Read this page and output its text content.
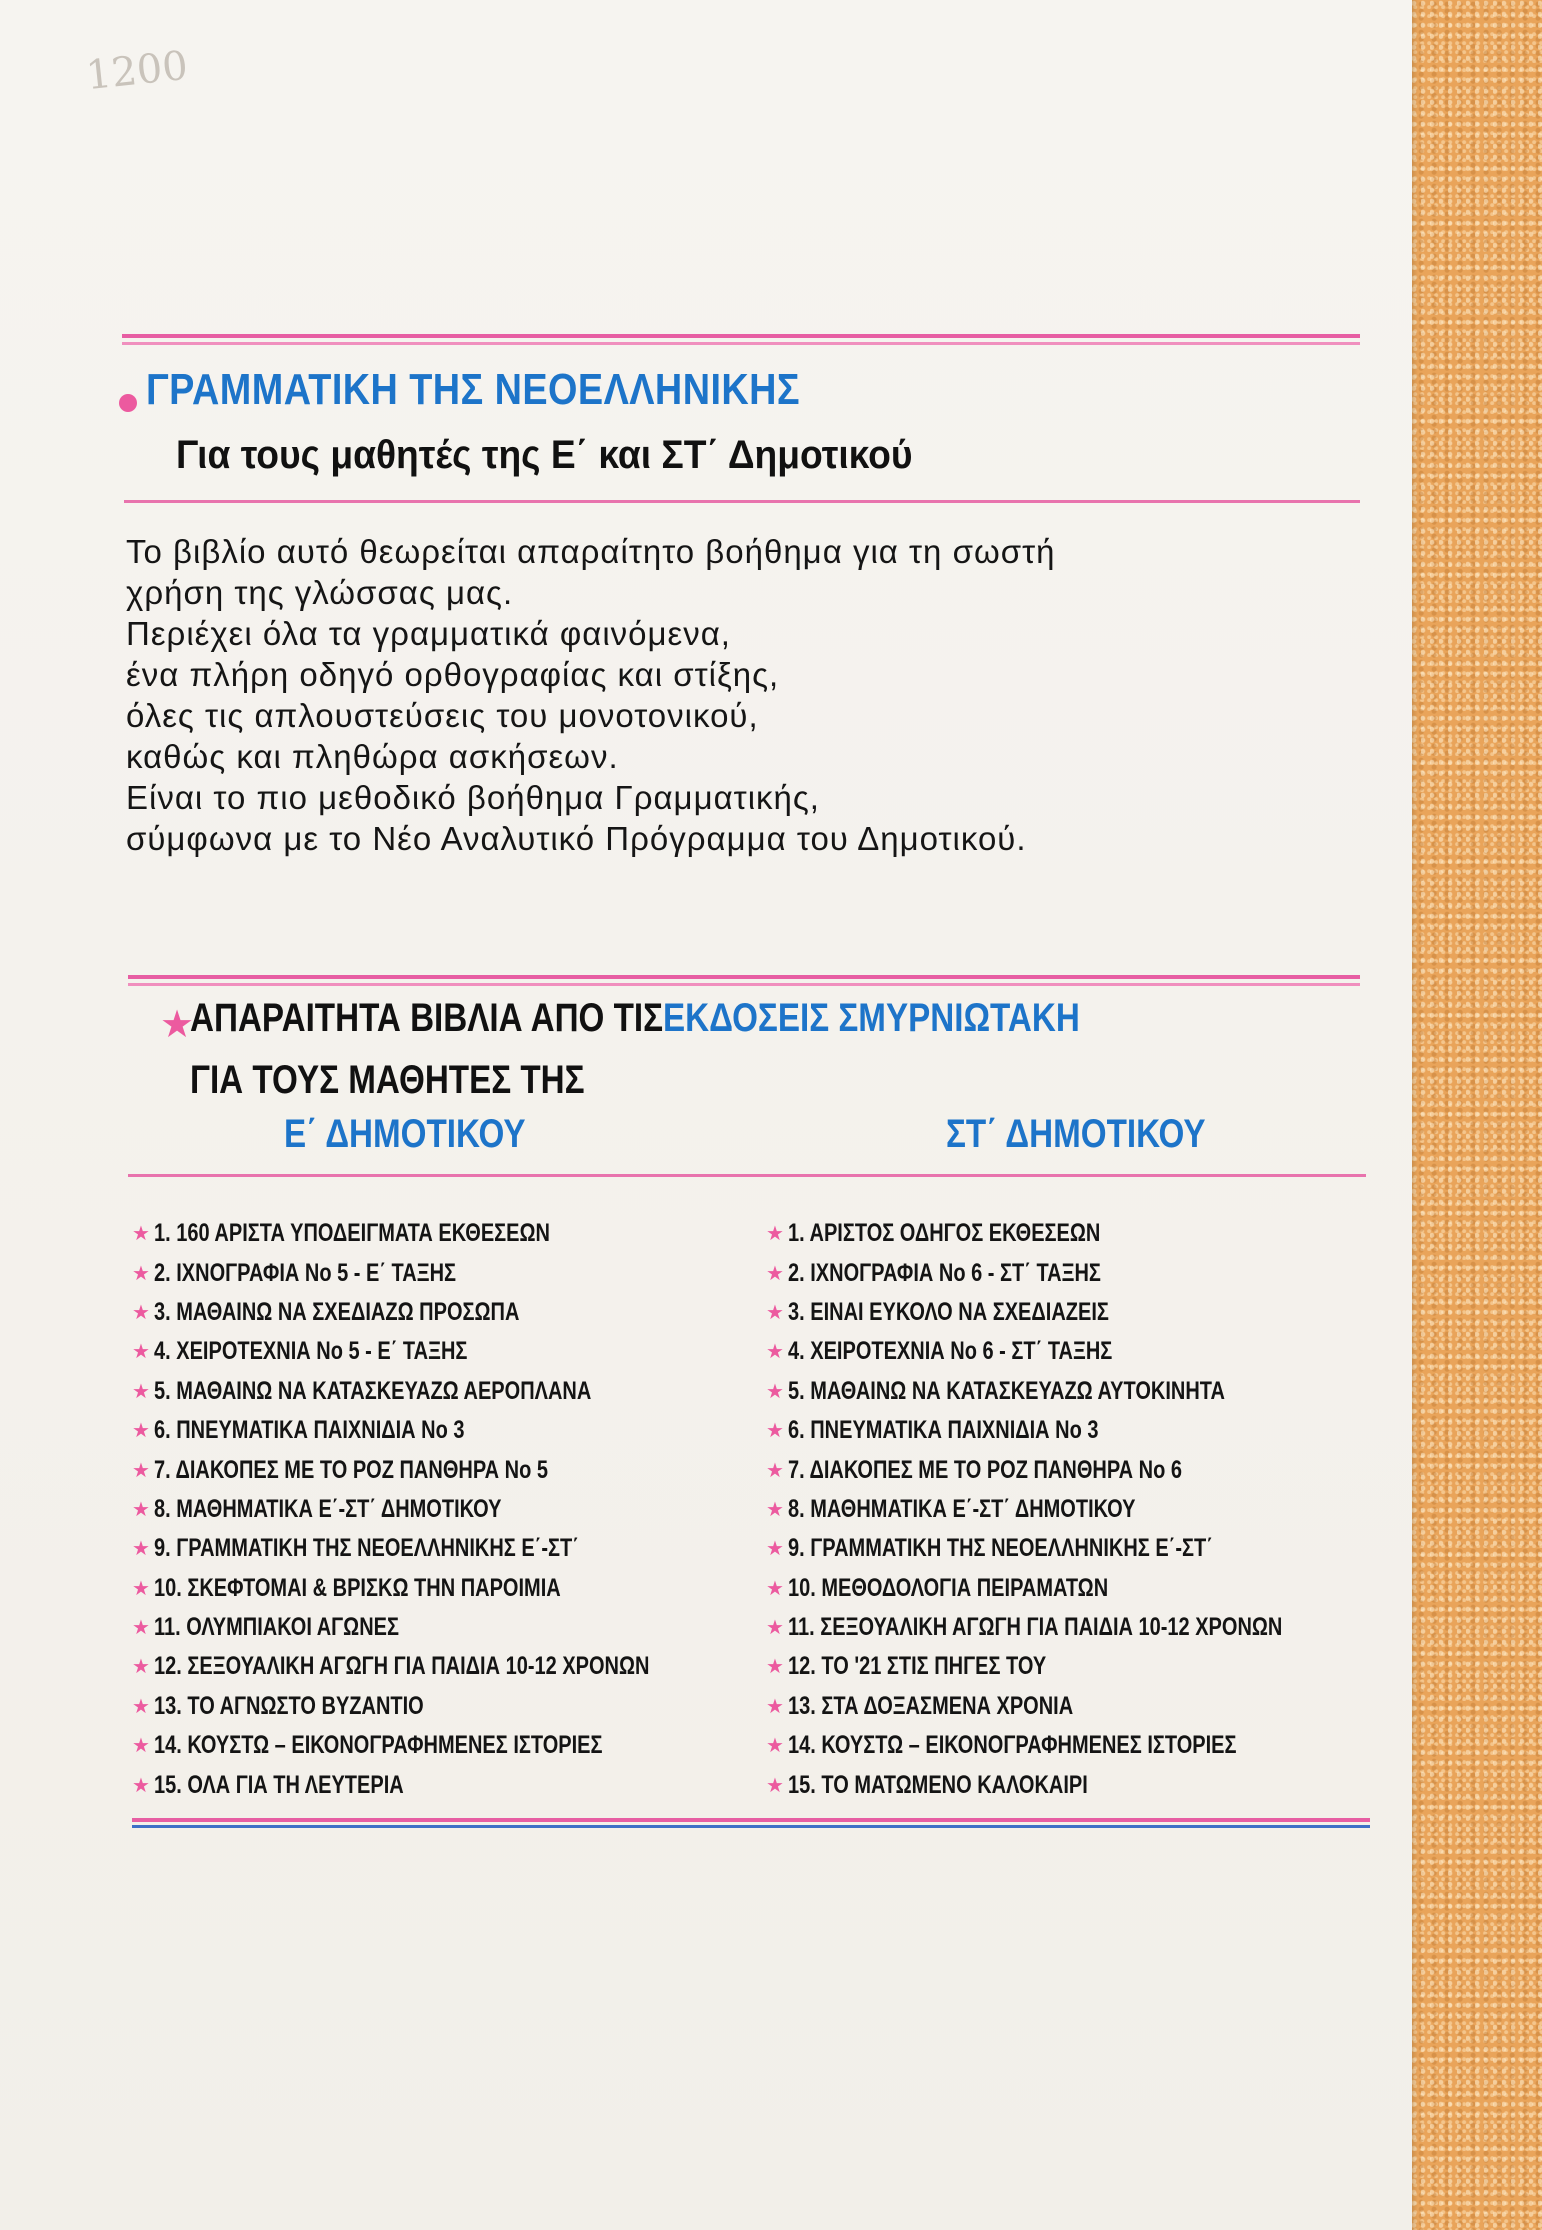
1200
ΓΡΑΜΜΑΤΙΚΗ ΤΗΣ ΝΕΟΕΛΛΗΝΙΚΗΣ
Για τους μαθητές της Ε΄ και ΣΤ΄ Δημοτικού
Το βιβλίο αυτό θεωρείται απαραίτητο βοήθημα για τη σωστή
χρήση της γλώσσας μας.
Περιέχει όλα τα γραμματικά φαινόμενα,
ένα πλήρη οδηγό ορθογραφίας και στίξης,
όλες τις απλουστεύσεις του μονοτονικού,
καθώς και πληθώρα ασκήσεων.
Είναι το πιο μεθοδικό βοήθημα Γραμματικής,
σύμφωνα με το Νέο Αναλυτικό Πρόγραμμα του Δημοτικού.
★
ΑΠΑΡΑΙΤΗΤΑ ΒΙΒΛΙΑ ΑΠΟ ΤΙΣΕΚΔΟΣΕΙΣ ΣΜΥΡΝΙΩΤΑΚΗ
ΓΙΑ ΤΟΥΣ ΜΑΘΗΤΕΣ ΤΗΣ
Ε΄ ΔΗΜΟΤΙΚΟΥ	ΣΤ΄ ΔΗΜΟΤΙΚΟΥ
★ 1. 160 ΑΡΙΣΤΑ ΥΠΟΔΕΙΓΜΑΤΑ ΕΚΘΕΣΕΩΝ
★ 2. ΙΧΝΟΓΡΑΦΙΑ Νο 5 - Ε΄ ΤΑΞΗΣ
★ 3. ΜΑΘΑΙΝΩ ΝΑ ΣΧΕΔΙΑΖΩ ΠΡΟΣΩΠΑ
★ 4. ΧΕΙΡΟΤΕΧΝΙΑ Νο 5 - Ε΄ ΤΑΞΗΣ
★ 5. ΜΑΘΑΙΝΩ ΝΑ ΚΑΤΑΣΚΕΥΑΖΩ ΑΕΡΟΠΛΑΝΑ
★ 6. ΠΝΕΥΜΑΤΙΚΑ ΠΑΙΧΝΙΔΙΑ Νο 3
★ 7. ΔΙΑΚΟΠΕΣ ΜΕ ΤΟ ΡΟΖ ΠΑΝΘΗΡΑ Νο 5
★ 8. ΜΑΘΗΜΑΤΙΚΑ Ε΄-ΣΤ΄ ΔΗΜΟΤΙΚΟΥ
★ 9. ΓΡΑΜΜΑΤΙΚΗ ΤΗΣ ΝΕΟΕΛΛΗΝΙΚΗΣ Ε΄-ΣΤ΄
★ 10. ΣΚΕΦΤΟΜΑΙ & ΒΡΙΣΚΩ ΤΗΝ ΠΑΡΟΙΜΙΑ
★ 11. ΟΛΥΜΠΙΑΚΟΙ ΑΓΩΝΕΣ
★ 12. ΣΕΞΟΥΑΛΙΚΗ ΑΓΩΓΗ ΓΙΑ ΠΑΙΔΙΑ 10-12 ΧΡΟΝΩΝ
★ 13. ΤΟ ΑΓΝΩΣΤΟ ΒΥΖΑΝΤΙΟ
★ 14. ΚΟΥΣΤΩ – ΕΙΚΟΝΟΓΡΑΦΗΜΕΝΕΣ ΙΣΤΟΡΙΕΣ
★ 15. ΟΛΑ ΓΙΑ ΤΗ ΛΕΥΤΕΡΙΑ
★ 1. ΑΡΙΣΤΟΣ ΟΔΗΓΟΣ ΕΚΘΕΣΕΩΝ
★ 2. ΙΧΝΟΓΡΑΦΙΑ Νο 6 - ΣΤ΄ ΤΑΞΗΣ
★ 3. ΕΙΝΑΙ ΕΥΚΟΛΟ ΝΑ ΣΧΕΔΙΑΖΕΙΣ
★ 4. ΧΕΙΡΟΤΕΧΝΙΑ Νο 6 - ΣΤ΄ ΤΑΞΗΣ
★ 5. ΜΑΘΑΙΝΩ ΝΑ ΚΑΤΑΣΚΕΥΑΖΩ ΑΥΤΟΚΙΝΗΤΑ
★ 6. ΠΝΕΥΜΑΤΙΚΑ ΠΑΙΧΝΙΔΙΑ Νο 3
★ 7. ΔΙΑΚΟΠΕΣ ΜΕ ΤΟ ΡΟΖ ΠΑΝΘΗΡΑ Νο 6
★ 8. ΜΑΘΗΜΑΤΙΚΑ Ε΄-ΣΤ΄ ΔΗΜΟΤΙΚΟΥ
★ 9. ΓΡΑΜΜΑΤΙΚΗ ΤΗΣ ΝΕΟΕΛΛΗΝΙΚΗΣ Ε΄-ΣΤ΄
★ 10. ΜΕΘΟΔΟΛΟΓΙΑ ΠΕΙΡΑΜΑΤΩΝ
★ 11. ΣΕΞΟΥΑΛΙΚΗ ΑΓΩΓΗ ΓΙΑ ΠΑΙΔΙΑ 10-12 ΧΡΟΝΩΝ
★ 12. ΤΟ '21 ΣΤΙΣ ΠΗΓΕΣ ΤΟΥ
★ 13. ΣΤΑ ΔΟΞΑΣΜΕΝΑ ΧΡΟΝΙΑ
★ 14. ΚΟΥΣΤΩ – ΕΙΚΟΝΟΓΡΑΦΗΜΕΝΕΣ ΙΣΤΟΡΙΕΣ
★ 15. ΤΟ ΜΑΤΩΜΕΝΟ ΚΑΛΟΚΑΙΡΙ
